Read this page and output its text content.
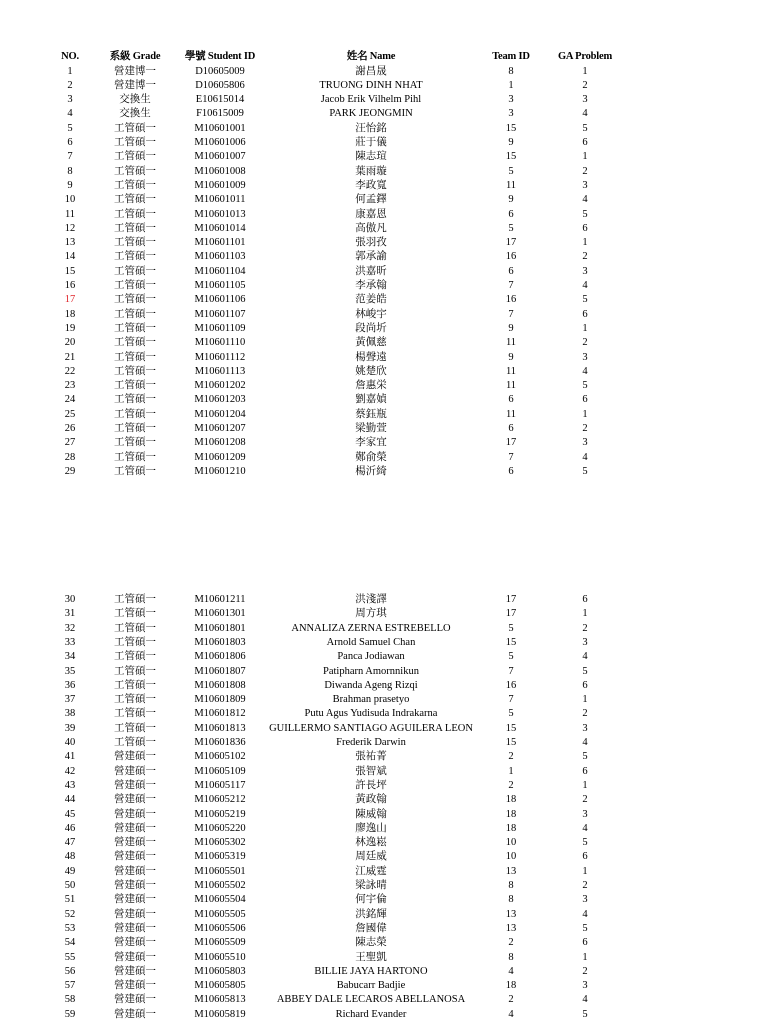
NO.	系級 Grade	學號 Student ID	姓名 Name	Team ID	GA Problem
1	營建博一	D10605009	謝昌晟	8	1
2	營建博一	D10605806	TRUONG DINH NHAT	1	2
3	交換生	E10615014	Jacob Erik Vilhelm Pihl	3	3
4	交換生	F10615009	PARK JEONGMIN	3	4
5	工管碩一	M10601001	汪怡銘	15	5
6	工管碩一	M10601006	莊于儀	9	6
7	工管碩一	M10601007	陳志瑄	15	1
8	工管碩一	M10601008	葉雨璇	5	2
9	工管碩一	M10601009	李政寬	11	3
10	工管碩一	M10601011	何孟鐸	9	4
11	工管碩一	M10601013	康嘉恩	6	5
12	工管碩一	M10601014	高傲凡	5	6
13	工管碩一	M10601101	張羽孜	17	1
14	工管碩一	M10601103	郭承諭	16	2
15	工管碩一	M10601104	洪嘉昕	6	3
16	工管碩一	M10601105	李承翰	7	4
17	工管碩一	M10601106	范姜皓	16	5
18	工管碩一	M10601107	林峻宇	7	6
19	工管碩一	M10601109	段尚圻	9	1
20	工管碩一	M10601110	黃佩慈	11	2
21	工管碩一	M10601112	楊聲遠	9	3
22	工管碩一	M10601113	姚楚欣	11	4
23	工管碩一	M10601202	詹惠栄	11	5
24	工管碩一	M10601203	劉嘉媜	6	6
25	工管碩一	M10601204	蔡鈺瓶	11	1
26	工管碩一	M10601207	梁勤萱	6	2
27	工管碩一	M10601208	李家宜	17	3
28	工管碩一	M10601209	鄭俞榮	7	4
29	工管碩一	M10601210	楊沂綺	6	5
30	工管碩一	M10601211	洪淺譯	17	6
31	工管碩一	M10601301	周方琪	17	1
32	工管碩一	M10601801	ANNALIZA ZERNA ESTREBELLO	5	2
33	工管碩一	M10601803	Arnold Samuel Chan	15	3
34	工管碩一	M10601806	Panca Jodiawan	5	4
35	工管碩一	M10601807	Patipharn Amornnikun	7	5
36	工管碩一	M10601808	Diwanda Ageng Rizqi	16	6
37	工管碩一	M10601809	Brahman prasetyo	7	1
38	工管碩一	M10601812	Putu Agus Yudisuda Indrakarna	5	2
39	工管碩一	M10601813	GUILLERMO SANTIAGO AGUILERA LEON	15	3
40	工管碩一	M10601836	Frederik Darwin	15	4
41	營建碩一	M10605102	張祐菁	2	5
42	營建碩一	M10605109	張智斌	1	6
43	營建碩一	M10605117	許長坪	2	1
44	營建碩一	M10605212	黃政翰	18	2
45	營建碩一	M10605219	陳威翰	18	3
46	營建碩一	M10605220	廖逸山	18	4
47	營建碩一	M10605302	林逸崧	10	5
48	營建碩一	M10605319	周廷威	10	6
49	營建碩一	M10605501	江威霆	13	1
50	營建碩一	M10605502	梁詠晴	8	2
51	營建碩一	M10605504	何宇倫	8	3
52	營建碩一	M10605505	洪銘輝	13	4
53	營建碩一	M10605506	詹國偉	13	5
54	營建碩一	M10605509	陳志榮	2	6
55	營建碩一	M10605510	王聖凱	8	1
56	營建碩一	M10605803	BILLIE JAYA HARTONO	4	2
57	營建碩一	M10605805	Babucarr Badjie	18	3
58	營建碩一	M10605813	ABBEY DALE LECAROS ABELLANOSA	2	4
59	營建碩一	M10605819	Richard Evander	4	5
